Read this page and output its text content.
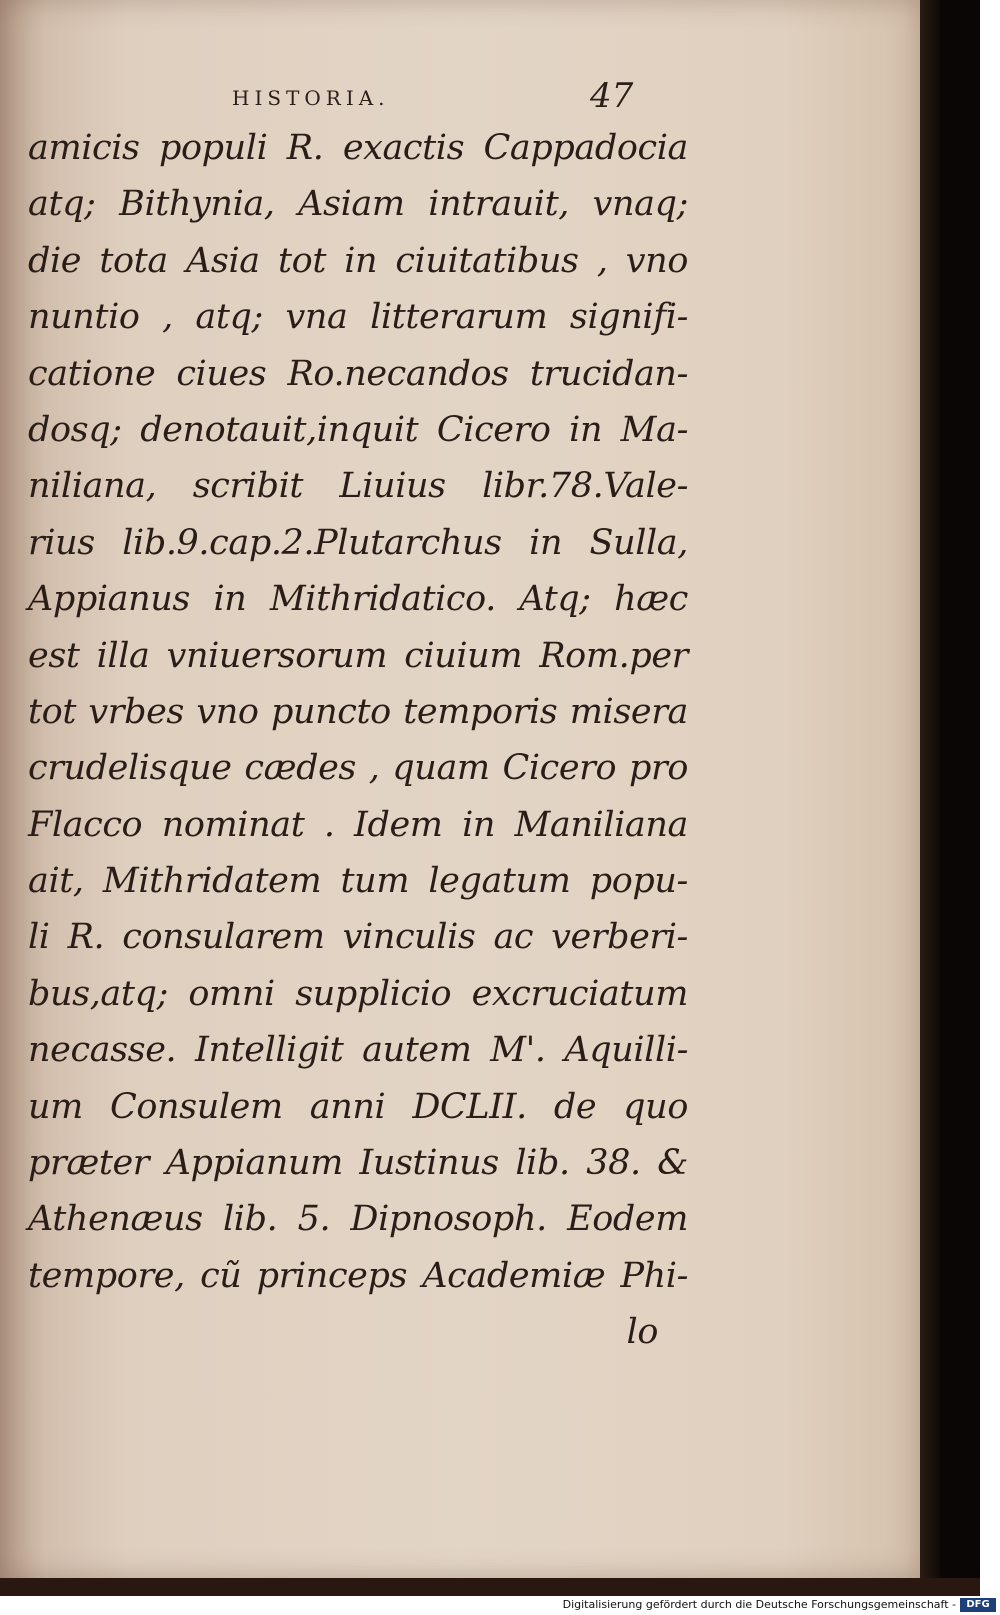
HISTORIA.	47
amicis populi R. exactis Cappadocia
atq; Bithynia, Asiam intrauit, vnaq;
die tota Asia tot in ciuitatibus , vno
nuntio , atq; vna litterarum signifi-
catione ciues Ro.necandos trucidan-
dosq; denotauit,inquit Cicero in Ma-
niliana, scribit Liuius libr.78.Vale-
rius lib.9.cap.2.Plutarchus in Sulla,
Appianus in Mithridatico. Atq; hæc
est illa vniuersorum ciuium Rom.per
tot vrbes vno puncto temporis misera
crudelisque cædes , quam Cicero pro
Flacco nominat . Idem in Maniliana
ait, Mithridatem tum legatum popu-
li R. consularem vinculis ac verberi-
bus,atq; omni supplicio excruciatum
necasse. Intelligit autem M'. Aquilli-
um Consulem anni DCLII. de quo
præter Appianum Iustinus lib. 38. &
Athenæus lib. 5. Dipnosoph. Eodem
tempore, cũ princeps Academiæ Phi-
lo
Digitalisierung gefördert durch die Deutsche Forschungsgemeinschaft -	DFG
